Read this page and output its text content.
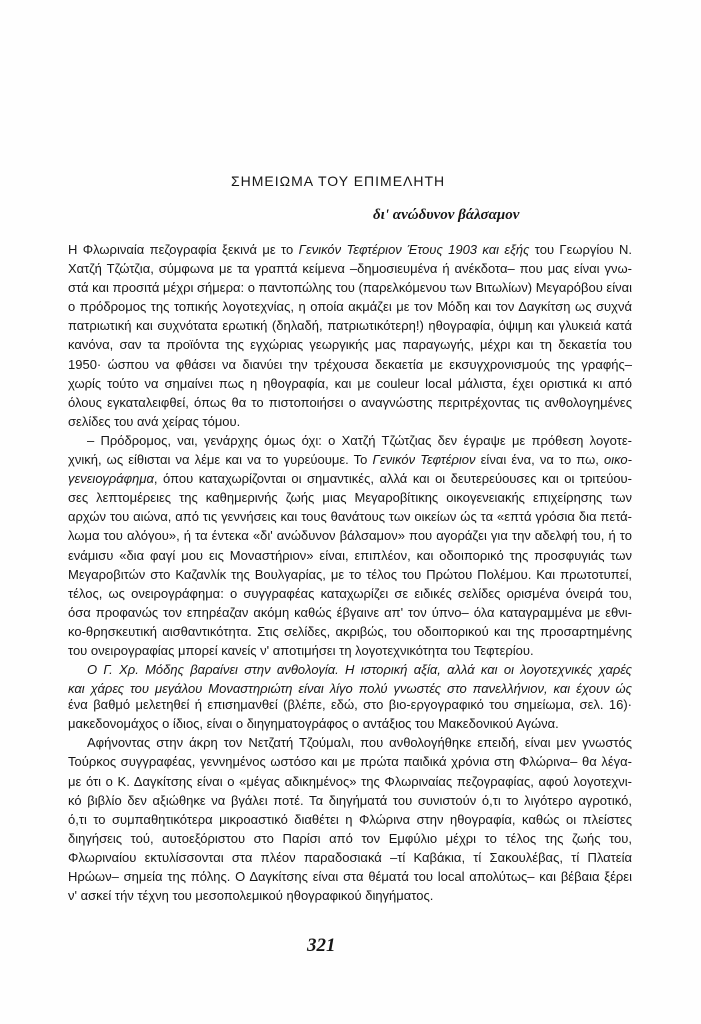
ΣΗΜΕΙΩΜΑ ΤΟΥ ΕΠΙΜΕΛΗΤΗ
δι' ανώδυνον βάλσαμον
Η Φλωριναία πεζογραφία ξεκινά με το Γενικόν Τεφτέριον Έτους 1903 και εξής του Γεωργίου Ν.
Χατζή Τζώτζια, σύμφωνα με τα γραπτά κείμενα –δημοσιευμένα ή ανέκδοτα– που μας είναι γνω-
στά και προσιτά μέχρι σήμερα: ο παντοπώλης του (παρελκόμενου των Βιτωλίων) Μεγαρόβου είναι
ο πρόδρομος της τοπικής λογοτεχνίας, η οποία ακμάζει με τον Μόδη και τον Δαγκίτση ως συχνά
πατριωτική και συχνότατα ερωτική (δηλαδή, πατριωτικότερη!) ηθογραφία, όψιμη και γλυκειά κατά
κανόνα, σαν τα προϊόντα της εγχώριας γεωργικής μας παραγωγής, μέχρι και τη δεκαετία του
1950· ώσπου να φθάσει να διανύει την τρέχουσα δεκαετία με εκσυγχρονισμούς της γραφής–
χωρίς τούτο να σημαίνει πως η ηθογραφία, και με couleur local μάλιστα, έχει οριστικά κι από
όλους εγκαταλειφθεί, όπως θα το πιστοποιήσει ο αναγνώστης περιτρέχοντας τις ανθολογημένες
σελίδες του ανά χείρας τόμου.
– Πρόδρομος, ναι, γενάρχης όμως όχι: ο Χατζή Τζώτζιας δεν έγραψε με πρόθεση λογοτε-
χνική, ως είθισται να λέμε και να το γυρεύουμε. Το Γενικόν Τεφτέριον είναι ένα, να το πω, οικο-
γενειογράφημα, όπου καταχωρίζονται οι σημαντικές, αλλά και οι δευτερεύουσες και οι τριτεύου-
σες λεπτομέρειες της καθημερινής ζωής μιας Μεγαροβίτικης οικογενειακής επιχείρησης των
αρχών του αιώνα, από τις γεννήσεις και τους θανάτους των οικείων ώς τα «επτά γρόσια δια πετά-
λωμα του αλόγου», ή τα έντεκα «δι' ανώδυνον βάλσαμον» που αγοράζει για την αδελφή του, ή το
ενάμισυ «δια φαγί μου εις Μοναστήριον» είναι, επιπλέον, και οδοιπορικό της προσφυγιάς των
Μεγαροβιτών στο Καζανλίκ της Βουλγαρίας, με το τέλος του Πρώτου Πολέμου. Και πρωτοτυπεί,
τέλος, ως ονειρογράφημα: ο συγγραφέας καταχωρίζει σε ειδικές σελίδες ορισμένα όνειρά του,
όσα προφανώς τον επηρέαζαν ακόμη καθώς έβγαινε απ' τον ύπνο– όλα καταγραμμένα με εθνι-
κο-θρησκευτική αισθαντικότητα. Στις σελίδες, ακριβώς, του οδοιπορικού και της προσαρτημένης
του ονειρογραφίας μπορεί κανείς ν' αποτιμήσει τη λογοτεχνικότητα του Τεφτερίου.
Ο Γ. Χρ. Μόδης βαραίνει στην ανθολογία. Η ιστορική αξία, αλλά και οι λογοτεχνικές χαρές
και χάρες του μεγάλου Μοναστηριώτη είναι λίγο πολύ γνωστές στο πανελλήνιον, και έχουν ώς
ένα βαθμό μελετηθεί ή επισημανθεί (βλέπε, εδώ, στο βιο-εργογραφικό του σημείωμα, σελ. 16)·
μακεδονομάχος ο ίδιος, είναι ο διηγηματογράφος ο αντάξιος του Μακεδονικού Αγώνα.
Αφήνοντας στην άκρη τον Νετζατή Τζούμαλι, που ανθολογήθηκε επειδή, είναι μεν γνωστός
Τούρκος συγγραφέας, γεννημένος ωστόσο και με πρώτα παιδικά χρόνια στη Φλώρινα– θα λέγα-
με ότι ο Κ. Δαγκίτσης είναι ο «μέγας αδικημένος» της Φλωριναίας πεζογραφίας, αφού λογοτεχνι-
κό βιβλίο δεν αξιώθηκε να βγάλει ποτέ. Τα διηγήματά του συνιστούν ό,τι το λιγότερο αγροτικό,
ό,τι το συμπαθητικότερα μικροαστικό διαθέτει η Φλώρινα στην ηθογραφία, καθώς οι πλείστες
διηγήσεις τού, αυτοεξόριστου στο Παρίσι από τον Εμφύλιο μέχρι το τέλος της ζωής του,
Φλωριναίου εκτυλίσσονται στα πλέον παραδοσιακά –τί Καβάκια, τί Σακουλέβας, τί Πλατεία
Ηρώων– σημεία της πόλης. Ο Δαγκίτσης είναι στα θέματά του local απολύτως– και βέβαια ξέρει
ν' ασκεί τήν τέχνη του μεσοπολεμικού ηθογραφικού διηγήματος.
321
